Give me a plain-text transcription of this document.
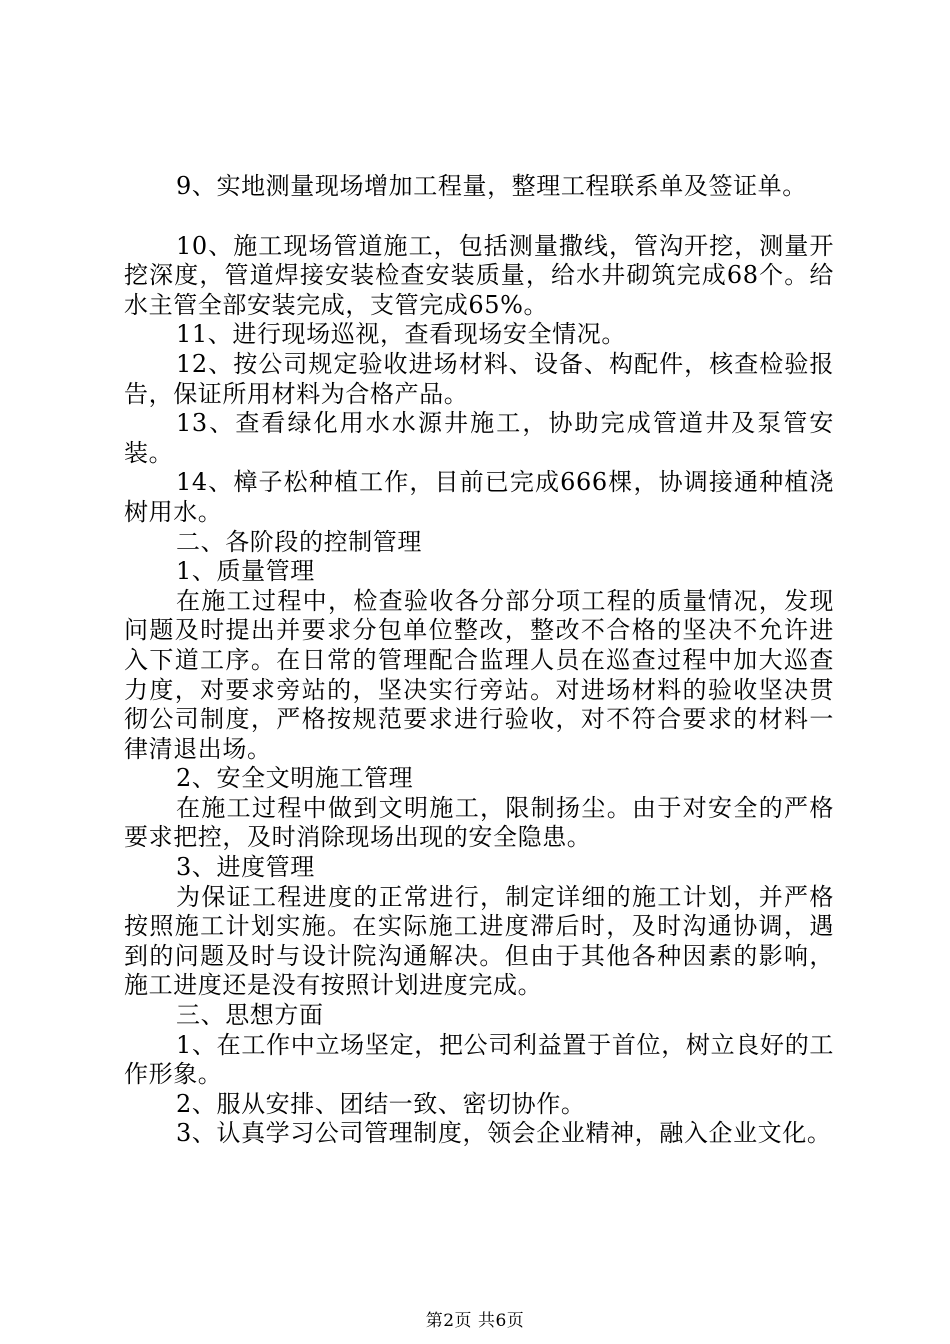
9、实地测量现场增加工程量，整理工程联系单及签证单。

10、施工现场管道施工，包括测量撒线，管沟开挖，测量开挖深度，管道焊接安装检查安装质量，给水井砌筑完成68个。给水主管全部安装完成，支管完成65%。

11、进行现场巡视，查看现场安全情况。

12、按公司规定验收进场材料、设备、构配件，核查检验报告，保证所用材料为合格产品。

13、查看绿化用水水源井施工，协助完成管道井及泵管安装。

14、樟子松种植工作，目前已完成666棵，协调接通种植浇树用水。

二、各阶段的控制管理

1、质量管理

在施工过程中，检查验收各分部分项工程的质量情况，发现问题及时提出并要求分包单位整改，整改不合格的坚决不允许进入下道工序。在日常的管理配合监理人员在巡查过程中加大巡查力度，对要求旁站的，坚决实行旁站。对进场材料的验收坚决贯彻公司制度，严格按规范要求进行验收，对不符合要求的材料一律清退出场。

2、安全文明施工管理

在施工过程中做到文明施工，限制扬尘。由于对安全的严格要求把控，及时消除现场出现的安全隐患。

3、进度管理

为保证工程进度的正常进行，制定详细的施工计划，并严格按照施工计划实施。在实际施工进度滞后时，及时沟通协调，遇到的问题及时与设计院沟通解决。但由于其他各种因素的影响，施工进度还是没有按照计划进度完成。

三、思想方面

1、在工作中立场坚定，把公司利益置于首位，树立良好的工作形象。

2、服从安排、团结一致、密切协作。

3、认真学习公司管理制度，领会企业精神，融入企业文化。

第2页 共6页
